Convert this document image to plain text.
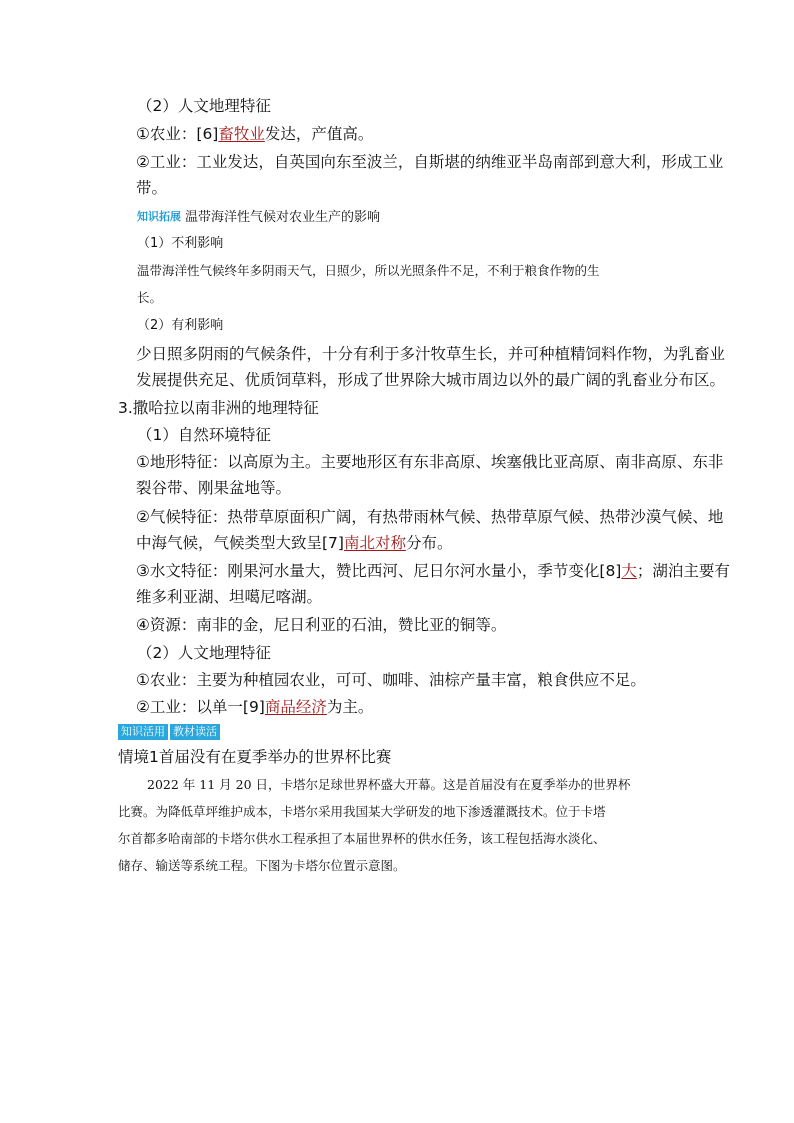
（2）人文地理特征
①农业：[6]畜牧业发达，产值高。
②工业：工业发达，自英国向东至波兰，自斯堪的纳维亚半岛南部到意大利，形成工业
带。
知识拓展 温带海洋性气候对农业生产的影响
（1）不利影响
温带海洋性气候终年多阴雨天气，日照少，所以光照条件不足，不利于粮食作物的生
长。
（2）有利影响
少日照多阴雨的气候条件，十分有利于多汁牧草生长，并可种植精饲料作物，为乳畜业
发展提供充足、优质饲草料，形成了世界除大城市周边以外的最广阔的乳畜业分布区。
3.撒哈拉以南非洲的地理特征
（1）自然环境特征
①地形特征：以高原为主。主要地形区有东非高原、埃塞俄比亚高原、南非高原、东非
裂谷带、刚果盆地等。
②气候特征：热带草原面积广阔，有热带雨林气候、热带草原气候、热带沙漠气候、地
中海气候，气候类型大致呈[7]南北对称分布。
③水文特征：刚果河水量大，赞比西河、尼日尔河水量小，季节变化[8]大；湖泊主要有
维多利亚湖、坦噶尼喀湖。
④资源：南非的金，尼日利亚的石油，赞比亚的铜等。
（2）人文地理特征
①农业：主要为种植园农业，可可、咖啡、油棕产量丰富，粮食供应不足。
②工业：以单一[9]商品经济为主。
知识活用 教材读活
情境1首届没有在夏季举办的世界杯比赛
2022 年 11 月 20 日，卡塔尔足球世界杯盛大开幕。这是首届没有在夏季举办的世界杯
比赛。为降低草坪维护成本，卡塔尔采用我国某大学研发的地下渗透灌溉技术。位于卡塔
尔首都多哈南部的卡塔尔供水工程承担了本届世界杯的供水任务，该工程包括海水淡化、
储存、输送等系统工程。下图为卡塔尔位置示意图。
